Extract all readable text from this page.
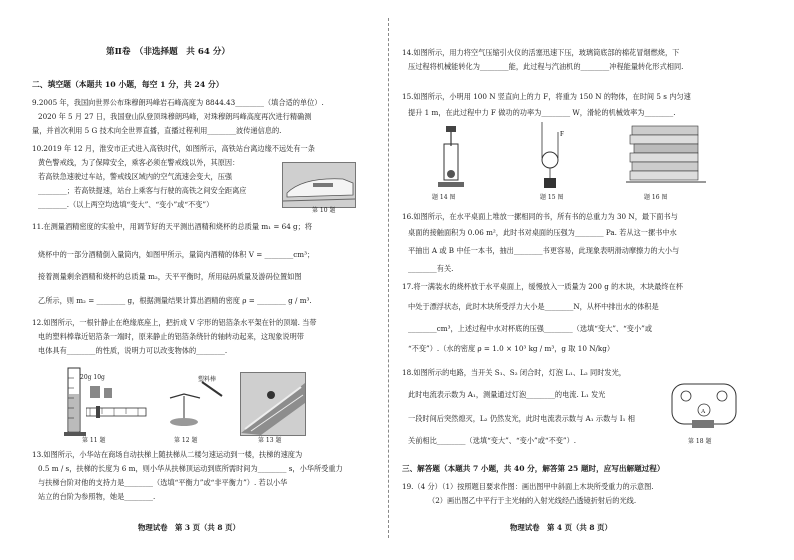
第Ⅱ卷　（非选择题　共 64 分）
二、填空题（本题共 10 小题，每空 1 分，共 24 分）
9.2005 年，我国向世界公布珠穆朗玛峰岩石峰高度为 8844.43________（填合适的单位）.
2020 年 5 月 27 日，我国登山队登顶珠穆朗玛峰，对珠穆朗玛峰高度再次进行精确测
量，并首次利用 5 G 技术向全世界直播，直播过程利用________波传递信息的.
10.2019 年 12 月，淮安市正式进入高铁时代，如图所示，高铁站台离边缘不远处有一条
黄色警戒线，为了保障安全，乘客必须在警戒线以外，其原因：
若高铁急速驶过车站，警戒线区域内的空气流速会变大，压强
________；若高铁提速，站台上乘客与行驶的高铁之间安全距离应
________.（以上两空均选填“变大”、“变小”或“不变”）
第 10 题
11.在测量酒精密度的实验中，用调节好的天平测出酒精和烧杯的总质量 m₁ = 64 g；将
烧杯中的一部分酒精倒入量筒内，如图甲所示，量筒内酒精的体积 V = ________cm³；
接着测量剩余酒精和烧杯的总质量 m₂，天平平衡时，所用砝码质量及游码位置如图
乙所示，则 m₂ = ________ g，根据测量结果计算出酒精的密度 ρ = ________ g / m³.
12.如图所示，一根针静止在绝缘底座上，把折成 V 字形的铝箔条水平架在针的顶端. 当带
电的塑料棒靠近铝箔条一端时，原来静止的铝箔条绕针的轴转动起来，这现象说明带
电体具有________的性质，说明力可以改变物体的________.
20g 10g
第 11 题
塑料棒
第 12 题	第 13 题
13.如图所示，小华站在商场自动扶梯上随扶梯从二楼匀速运动到一楼，扶梯的速度为
0.5 m / s，扶梯的长度为 6 m，则小华从扶梯顶运动到底所需时间为________ s，小华所受重力
与扶梯台阶对他的支持力是________（选填“平衡力”或“非平衡力”）. 若以小华
站立的台阶为参照物，她是________.
物理试卷　第 3 页（共 8 页）
14.如图所示，用力将空气压缩引火仪的活塞迅速下压，玻璃筒底部的棉花冒烟燃烧，下
压过程将机械能转化为________能，此过程与汽油机的________冲程能量转化形式相同.
15.如图所示，小明用 100 N 竖直向上的力 F，将重为 150 N 的物体，在时间 5 s 内匀速
提升 1 m，在此过程中力 F 做功的功率为________ W，滑轮的机械效率为________.
题 14 图
F
题 15 图	题 16 图
16.如图所示，在水平桌面上堆放一摞相同的书，所有书的总重力为 30 N，最下面书与
桌面的接触面积为 0.06 m²，此时书对桌面的压强为________ Pa. 若从这一摞书中水
平抽出 A 或 B 中任一本书，抽出________书更容易，此现象表明滑动摩擦力的大小与
________有关.
17.将一满装水的烧杯放于水平桌面上，缓慢放入一质量为 200 g 的木块，木块最终在杯
中处于漂浮状态，此时木块所受浮力大小是________N，从杯中排出水的体积是
________cm³，上述过程中水对杯底的压强________（选填“变大”、“变小”或
“不变”）.（水的密度 ρ = 1.0 × 10³ kg / m³，g 取 10 N/kg）
18.如图所示的电路，当开关 S₁、S₂ 闭合时，灯泡 L₁、L₂ 同时发光，
此时电流表示数为 A₁，测量通过灯泡________的电流. L₁ 发光
一段时间后突然熄灭，L₂ 仍然发光，此时电流表示数与 A₁ 示数与 I₁ 相
关前相比________（选填“变大”、“变小”或“不变”）.
A
第 18 题
三、解答题（本题共 7 小题，共 40 分，解答第 25 题时，应写出解题过程）
19.（4 分）（1）按照题目要求作图：画出图甲中斜面上木块所受重力的示意图.
（2）画出图乙中平行于主光轴的入射光线经凸透镜折射后的光线.
物理试卷　第 4 页（共 8 页）
